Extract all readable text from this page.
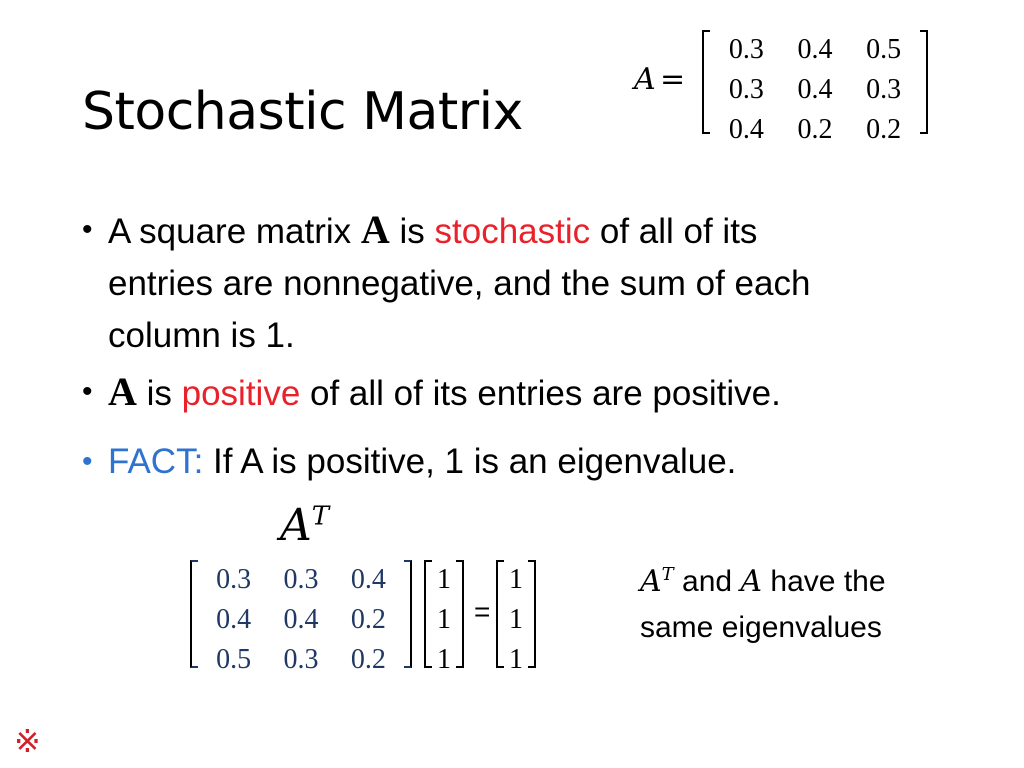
Stochastic Matrix
A =
0.3	0.4	0.5
0.3	0.4	0.3
0.4	0.2	0.2
• A square matrix A is stochastic of all of its
entries are nonnegative, and the sum of each
column is 1.
• A is positive of all of its entries are positive.
• FACT: If A is positive, 1 is an eigenvalue.
$A^T$
0.3	0.3	0.4
0.4	0.4	0.2
0.5	0.3	0.2
1
1
1
=
1
1
1
$A^T$ and A have the
same eigenvalues
※
